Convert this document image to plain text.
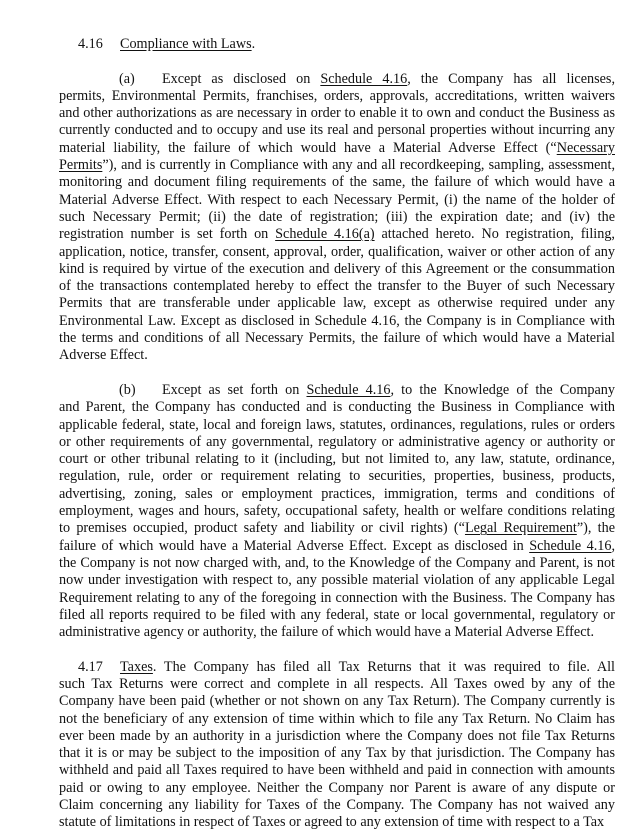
4.16 Compliance with Laws.
(a) Except as disclosed on Schedule 4.16, the Company has all licenses,
permits, Environmental Permits, franchises, orders, approvals, accreditations, written waivers
and other authorizations as are necessary in order to enable it to own and conduct the Business as
currently conducted and to occupy and use its real and personal properties without incurring any
material liability, the failure of which would have a Material Adverse Effect (“Necessary
Permits”), and is currently in Compliance with any and all recordkeeping, sampling, assessment,
monitoring and document filing requirements of the same, the failure of which would have a
Material Adverse Effect. With respect to each Necessary Permit, (i) the name of the holder of
such Necessary Permit; (ii) the date of registration; (iii) the expiration date; and (iv) the
registration number is set forth on Schedule 4.16(a) attached hereto. No registration, filing,
application, notice, transfer, consent, approval, order, qualification, waiver or other action of any
kind is required by virtue of the execution and delivery of this Agreement or the consummation
of the transactions contemplated hereby to effect the transfer to the Buyer of such Necessary
Permits that are transferable under applicable law, except as otherwise required under any
Environmental Law. Except as disclosed in Schedule 4.16, the Company is in Compliance with
the terms and conditions of all Necessary Permits, the failure of which would have a Material
Adverse Effect.
(b) Except as set forth on Schedule 4.16, to the Knowledge of the Company
and Parent, the Company has conducted and is conducting the Business in Compliance with
applicable federal, state, local and foreign laws, statutes, ordinances, regulations, rules or orders
or other requirements of any governmental, regulatory or administrative agency or authority or
court or other tribunal relating to it (including, but not limited to, any law, statute, ordinance,
regulation, rule, order or requirement relating to securities, properties, business, products,
advertising, zoning, sales or employment practices, immigration, terms and conditions of
employment, wages and hours, safety, occupational safety, health or welfare conditions relating
to premises occupied, product safety and liability or civil rights) (“Legal Requirement”), the
failure of which would have a Material Adverse Effect. Except as disclosed in Schedule 4.16,
the Company is not now charged with, and, to the Knowledge of the Company and Parent, is not
now under investigation with respect to, any possible material violation of any applicable Legal
Requirement relating to any of the foregoing in connection with the Business. The Company has
filed all reports required to be filed with any federal, state or local governmental, regulatory or
administrative agency or authority, the failure of which would have a Material Adverse Effect.
4.17 Taxes. The Company has filed all Tax Returns that it was required to file. All
such Tax Returns were correct and complete in all respects. All Taxes owed by any of the
Company have been paid (whether or not shown on any Tax Return). The Company currently is
not the beneficiary of any extension of time within which to file any Tax Return. No Claim has
ever been made by an authority in a jurisdiction where the Company does not file Tax Returns
that it is or may be subject to the imposition of any Tax by that jurisdiction. The Company has
withheld and paid all Taxes required to have been withheld and paid in connection with amounts
paid or owing to any employee. Neither the Company nor Parent is aware of any dispute or
Claim concerning any liability for Taxes of the Company. The Company has not waived any
statute of limitations in respect of Taxes or agreed to any extension of time with respect to a Tax
